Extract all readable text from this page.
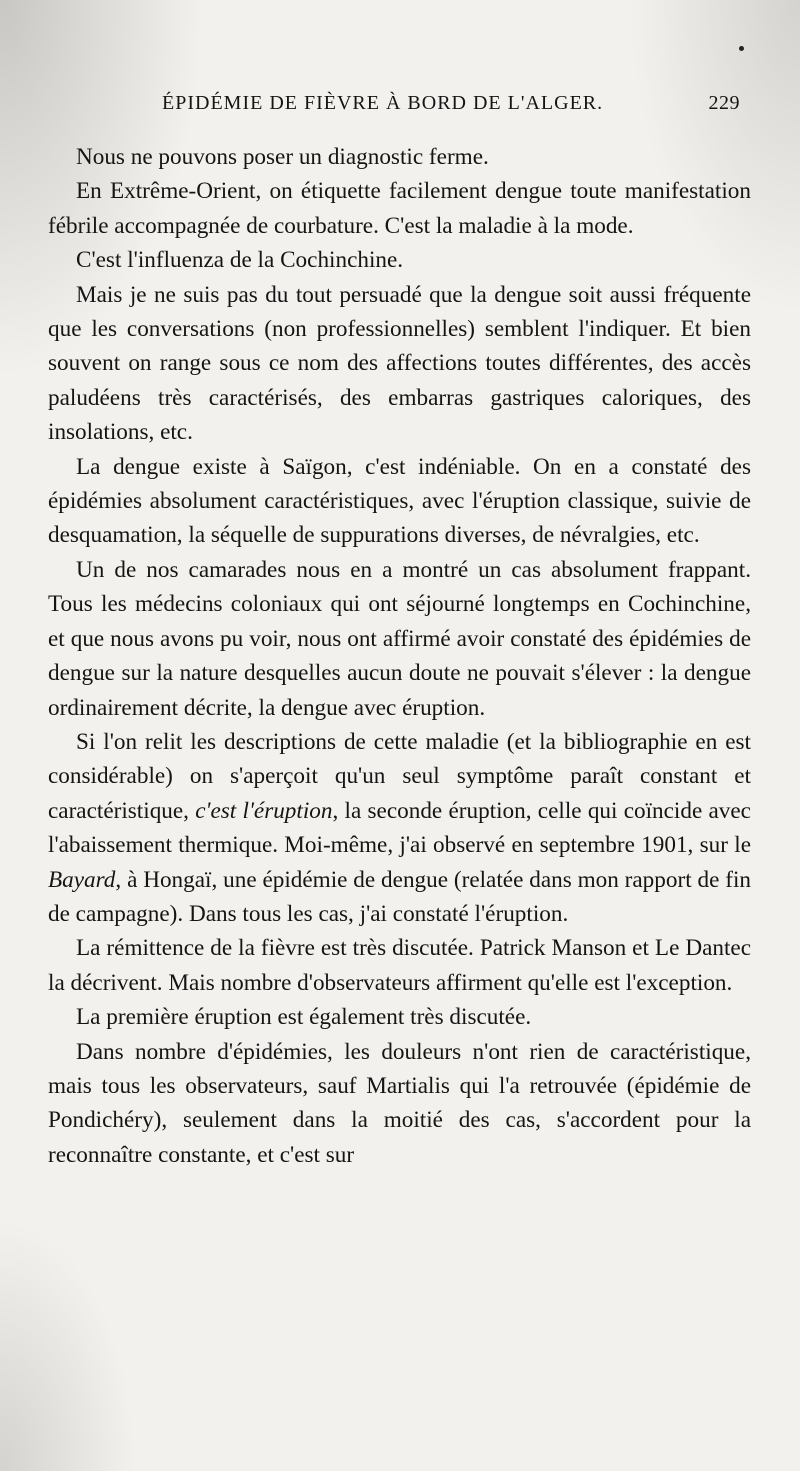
ÉPIDÉMIE DE FIÈVRE À BORD DE L'ALGER.	229

Nous ne pouvons poser un diagnostic ferme.

En Extrême-Orient, on étiquette facilement dengue toute manifestation fébrile accompagnée de courbature. C'est la maladie à la mode.

C'est l'influenza de la Cochinchine.

Mais je ne suis pas du tout persuadé que la dengue soit aussi fréquente que les conversations (non professionnelles) semblent l'indiquer. Et bien souvent on range sous ce nom des affections toutes différentes, des accès paludéens très caractérisés, des embarras gastriques caloriques, des insolations, etc.

La dengue existe à Saïgon, c'est indéniable. On en a constaté des épidémies absolument caractéristiques, avec l'éruption classique, suivie de desquamation, la séquelle de suppurations diverses, de névralgies, etc.

Un de nos camarades nous en a montré un cas absolument frappant. Tous les médecins coloniaux qui ont séjourné longtemps en Cochinchine, et que nous avons pu voir, nous ont affirmé avoir constaté des épidémies de dengue sur la nature desquelles aucun doute ne pouvait s'élever : la dengue ordinairement décrite, la dengue avec éruption.

Si l'on relit les descriptions de cette maladie (et la bibliographie en est considérable) on s'aperçoit qu'un seul symptôme paraît constant et caractéristique, c'est l'éruption, la seconde éruption, celle qui coïncide avec l'abaissement thermique. Moi-même, j'ai observé en septembre 1901, sur le Bayard, à Hongaï, une épidémie de dengue (relatée dans mon rapport de fin de campagne). Dans tous les cas, j'ai constaté l'éruption.

La rémittence de la fièvre est très discutée. Patrick Manson et Le Dantec la décrivent. Mais nombre d'observateurs affirment qu'elle est l'exception.

La première éruption est également très discutée.

Dans nombre d'épidémies, les douleurs n'ont rien de caractéristique, mais tous les observateurs, sauf Martialis qui l'a retrouvée (épidémie de Pondichéry), seulement dans la moitié des cas, s'accordent pour la reconnaître constante, et c'est sur
